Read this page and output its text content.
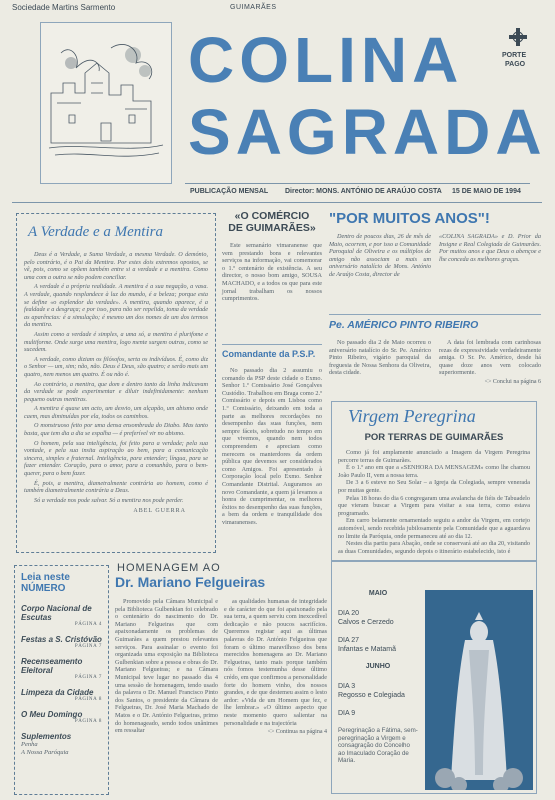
Sociedade Martins Sarmento	GUIMARÃES
COLINA
SAGRADA
PORTE
PAGO
PUBLICAÇÃO MENSAL Director: MONS. ANTÓNIO DE ARAÚJO COSTA 15 DE MAIO DE 1994
A Verdade e a Mentira

Deus é a Verdade, a Suma Verdade, a mesma Verdade. O demónio, pelo contrário, é o Pai da Mentira. Por estes dois extremos opostos, se vê, pois, como se opõem também entre si a verdade e a mentira. Como uma com a outra se não podem conciliar.

A verdade é a própria realidade. A mentira é a sua negação, a vasa. A verdade, quando resplandece à luz do mundo, é a beleza; porque esta se define «o esplendor da verdade». A mentira, quando aparece, é a fealdade e a desgraça; e por isso, para não ser repelida, toma da verdade as aparências: é a simulação; é mesmo um dos nomes de um dos termos da mentira.

Assim como a verdade é simples, a uma só, a mentira é plurifome e multiforme. Onde surge uma mentira, logo mente surgem outras, como se sucedem.

A verdade, como diziam os filósofos, serta os indivíduos. É, como diz o Senhor — um, sim; não, não. Deus é Deus, são quatro; e serão mais um quatro, nem menos um quatro. É ou não é.

Ao contrário, a mentira, que dom e dentro tanto da linha indicavam da verdade se pode experimentar e diluir indefinidamente: nenhum pequeno outras mentiras.

A mentira é quase um acto, um desvio, um alçapão, um abismo onde caem, mas diminuídas por ela, todos os caminhos.

O monstruoso feito por uma densa ensombrada do Diabo. Mas tanto basta, que tem dia a dia se espalha — é preferível vir no abismo.

O homem, pela sua inteligência, foi feito para a verdade; pela sua vontade, e pela sua insita aspiração ao bem, para a comunicação sincera, simples e fraternal. Inteligência, para entender; língua, para se fazer entender. Coração, para o amor, para a comunhão, para o bem-querer, para o bem fazer.

É, pois, a mentira, diametralmente contrária ao homem, como é também diametralmente contrária a Deus.

Só a verdade nos pode salvar. Só a mentira nos pode perder.

ABEL GUERRA
«O COMÉRCIO
DE GUIMARÃES»

Este semanário vimaranense que vem prestando bons e relevantes serviços na informação, vai comemorar o 1.º centenário de existência. A seu director, o nosso bom amigo, SOUSA MACHADO, e a todos os que para este jornal trabalham os nossos cumprimentos.

Comandante da P.S.P.

No passado dia 2 assumiu o comando da PSP deste cidade o Exmo. Senhor 1.º Comissário José Gonçalves Custódio. Trabalhou em Braga como 2.º Comissário e depois em Lisboa como 1.º Comissário, deixando em toda a parte as melhores recordações no desempenho das suas funções, nem sempre fáceis, sobretudo no tempo em que vivemos, quando nem todos compreendem e apreciam como merecem os manterdores da ordem pública que devemos ser considerados como Amigos. Foi apresentado à Corporação local pelo Exmo. Senhor Comandante Distrital. Auguramos ao novo Comandante, a quem já levamos a honra de cumprimentar, os melhores êxitos no desempenho das suas funções, a bem da ordem e tranquilidade dos vimaranenses.

"POR MUITOS ANOS"!

Dentro de poucos dias, 26 de mês de Maio, ocorrem, e por isso a Comunidade Paroquial de Oliveira e os múltiplos de amigo não associam a mais um aniversário natalício de Mons. António de Araújo Costa, director de

«COLINA SAGRADA» e D. Prior da Insigne e Real Colegiada de Guimarães. Por muitos anos e que Deus o abençoe e lhe conceda as melhores graças.

Pe. AMÉRICO PINTO RIBEIRO

No passado dia 2 de Maio ocorreu o aniversário natalício do Sr. Pe. Américo Pinto Ribeiro, vigário paroquial da freguesia de Nossa Senhora da Oliveira, desta cidade.

A data foi lembrada com carinhosas rezas de expressividade verdadeiramente amiga. O Sr. Pe. Américo, desde há quase doze anos vem colocado superiormente.

<> Conclui na página 6
Virgem Peregrina
POR TERRAS DE GUIMARÃES

Como já foi amplamente anunciado a Imagem da Virgem Peregrina percorre terras de Guimarães.

É o 1.º ano em que a «SENHORA DA MENSAGEM» como lhe chamou João Paulo II, vem a nossa terra.

De 3 a 6 esteve no Seu Solar – a Igreja da Colegiada, sempre venerada por muitas gente.

Pelas 18 horas do dia 6 congregaram uma avalancha de fiéis de Tabuadelo que vieram buscar a Virgem para visitar a sua terra, como estava programado.

Em carro belamente ornamentado seguiu a andor da Virgem, em cortejo automóvel, sendo recebida jubilosamente pela Comunidade que a aguardava no limite da Paróquia, onde permaneceu até ao dia 12.

Nestes dia partiu para Abação, onde se conservará até ao dia 20, visitando as duas Comunidades, segundo depois o itinerário estabelecido, isto é

MAIO
DIA 20
Calvos e Cerzedo
DIA 27
Infantas e Matamã
JUNHO
DIA 3
Regosso e Colegiada
DIA 9

Peregrinação a Fátima, semperegrinação a Virgem e consagração do Concelho ao Imaculado Coração de Maria.

Leia neste NÚMERO
Corpo Nacional de Escutas
PÁGINA 4
Festas a S. Cristóvão
PÁGINA 7
Recenseamento Eleitoral
PÁGINA 7
Limpeza da Cidade
PÁGINA 8
O Meu Domingo
PÁGINA 8
Suplementos
Penha
A Nossa Paróquia
HOMENAGEM AO
Dr. Mariano Felgueiras

Promovido pela Câmara Municipal e pela Biblioteca Gulbenkian foi celebrado o centenário do nascimento do Dr. Mariano Felgueiras que com apaixonadamente os problemas de Guimarães a quem prestou relevantes serviços. Para assinalar o evento foi organizada uma exposição na Biblioteca Gulbenkian sobre a pessoa e obras do Dr. Mariano Felgueiras; e na Câmara Municipal teve lugar no passado dia 4 uma sessão de homenagem, tendo usado da palavra o Dr. Manuel Francisco Pinto dos Santos, o presidente da Câmara de Felgueiras, Dr. José Maria Machado de Matos e o Dr. António Felgueiras, primo do homenageado, sendo todos unânimes em ressaltar

as qualidades humanas de integridade e de carácter do que foi apaixonado pela sua terra, a quem serviu com inexcedível dedicação e não poucos sacrifícios. Queremos registar aqui as últimas palavras do Dr. António Felgueiras que foram o último maravilhoso dos bens merecidos homenagens ao Dr. Mariano Felgueiras, tanto mais porque também nós fomos testemunha desse último crédo, em que confirmou a personalidade forte do homem vinho, dos nossos grandes, e de que destemeu assim o lesto ardor: «Vida de um Homem que fez, e lhe lembrar.» «O último aspecto que neste momento quero salientar na personalidade e na trajectória

<> Continua na página 4
